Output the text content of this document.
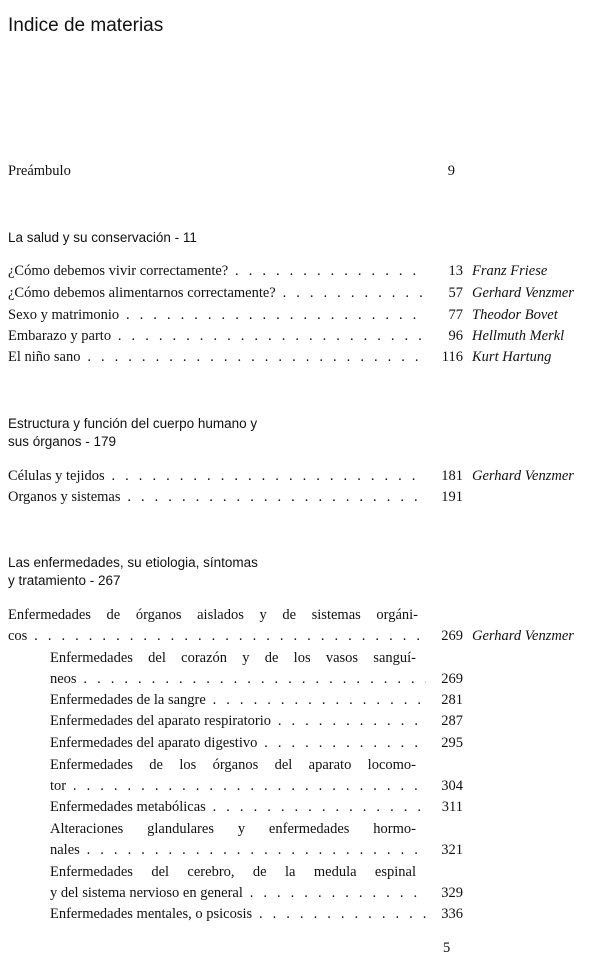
Indice de materias
Preámbulo	9
La salud y su conservación - 11
¿Cómo debemos vivir correctamente? . . .	13 Franz Friese
¿Cómo debemos alimentarnos correctamente? . . .	57 Gerhard Venzmer
Sexo y matrimonio . . .	77 Theodor Bovet
Embarazo y parto . . .	96 Hellmuth Merkl
El niño sano . . .	116 Kurt Hartung
Estructura y función del cuerpo humano y
sus órganos - 179
Células y tejidos . . .	181 Gerhard Venzmer
Organos y sistemas . . .	191
Las enfermedades, su etiologia, síntomas
y tratamiento - 267
Enfermedades de órganos aislados y de sistemas orgáni-
cos . . .	269 Gerhard Venzmer
Enfermedades del corazón y de los vasos sanguí-
neos . . .	269
Enfermedades de la sangre . . .	281
Enfermedades del aparato respiratorio . . .	287
Enfermedades del aparato digestivo . . .	295
Enfermedades de los órganos del aparato locomo-
tor . . .	304
Enfermedades metabólicas . . .	311
Alteraciones glandulares y enfermedades hormo-
nales . . .	321
Enfermedades del cerebro, de la medula espinal
y del sistema nervioso en general . . .	329
Enfermedades mentales, o psicosis . . .	336
5
